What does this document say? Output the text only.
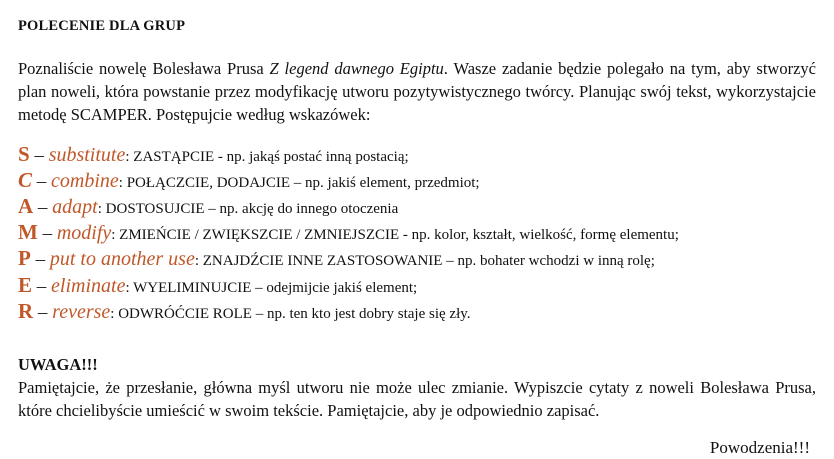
POLECENIE DLA GRUP

Poznaliście nowelę Bolesława Prusa Z legend dawnego Egiptu. Wasze zadanie będzie polegało na tym, aby stworzyć plan noweli, która powstanie przez modyfikację utworu pozytywistycznego twórcy. Planując swój tekst, wykorzystajcie metodę SCAMPER. Postępujcie według wskazówek:

S – substitute: ZASTĄPCIE - np. jakąś postać inną postacią;
C – combine: POŁĄCZCIE, DODAJCIE – np. jakiś element, przedmiot;
A – adapt: DOSTOSUJCIE – np. akcję do innego otoczenia
M – modify: ZMIEŃCIE / ZWIĘKSZCIE / ZMNIEJSZCIE - np. kolor, kształt, wielkość, formę elementu;
P – put to another use: ZNAJDŹCIE INNE ZASTOSOWANIE – np. bohater wchodzi w inną rolę;
E – eliminate: WYELIMINUJCIE – odejmijcie jakiś element;
R – reverse: ODWRÓĆCIE ROLE – np. ten kto jest dobry staje się zły.
UWAGA!!!

Pamiętajcie, że przesłanie, główna myśl utworu nie może ulec zmianie. Wypiszcie cytaty z noweli Bolesława Prusa, które chcielibyście umieścić w swoim tekście. Pamiętajcie, aby je odpowiednio zapisać.

Powodzenia!!!
